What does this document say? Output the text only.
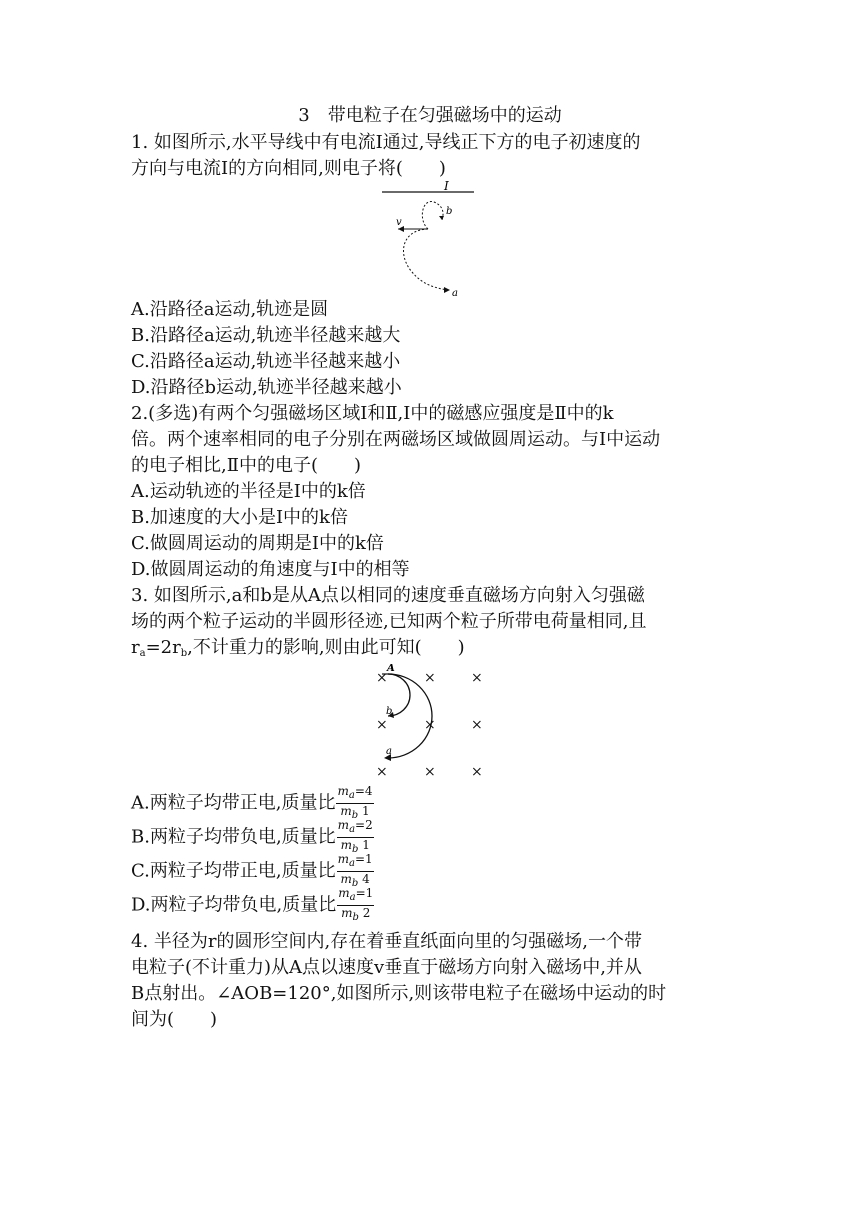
3　带电粒子在匀强磁场中的运动
1. 如图所示,水平导线中有电流Ⅰ通过,导线正下方的电子初速度的
方向与电流Ⅰ的方向相同,则电子将(　　)
I
v
b
a
A.沿路径a运动,轨迹是圆
B.沿路径a运动,轨迹半径越来越大
C.沿路径a运动,轨迹半径越来越小
D.沿路径b运动,轨迹半径越来越小
2.(多选)有两个匀强磁场区域Ⅰ和Ⅱ,Ⅰ中的磁感应强度是Ⅱ中的k
倍。两个速率相同的电子分别在两磁场区域做圆周运动。与Ⅰ中运动
的电子相比,Ⅱ中的电子(　　)
A.运动轨迹的半径是Ⅰ中的k倍
B.加速度的大小是Ⅰ中的k倍
C.做圆周运动的周期是Ⅰ中的k倍
D.做圆周运动的角速度与Ⅰ中的相等
3. 如图所示,a和b是从A点以相同的速度垂直磁场方向射入匀强磁
场的两个粒子运动的半圆形径迹,已知两个粒子所带电荷量相同,且
$r_a=2r_b$,不计重力的影响,则由此可知(　　)
×	×	×
×	×	×
×	×	×
A
b
a
A.两粒子均带正电,质量比 $\frac{m_a=4}{m_b 1}$
B.两粒子均带负电,质量比 $\frac{m_a=2}{m_b 1}$
C.两粒子均带正电,质量比 $\frac{m_a=1}{m_b 4}$
D.两粒子均带负电,质量比 $\frac{m_a=1}{m_b 2}$
4. 半径为r的圆形空间内,存在着垂直纸面向里的匀强磁场,一个带
电粒子(不计重力)从A点以速度v垂直于磁场方向射入磁场中,并从
B点射出。∠AOB=120°,如图所示,则该带电粒子在磁场中运动的时
间为(　　)
